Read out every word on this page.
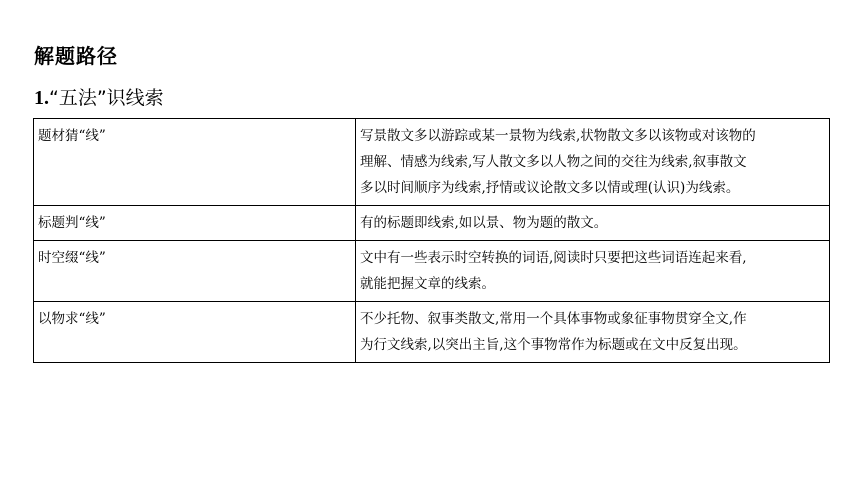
解题路径
1.“五法”识线索
题材猜“线”	写景散文多以游踪或某一景物为线索,状物散文多以该物或对该物的理解、情感为线索,写人散文多以人物之间的交往为线索,叙事散文多以时间顺序为线索,抒情或议论散文多以情或理(认识)为线索。
标题判“线”	有的标题即线索,如以景、物为题的散文。
时空缀“线”	文中有一些表示时空转换的词语,阅读时只要把这些词语连起来看,就能把握文章的线索。
以物求“线”	不少托物、叙事类散文,常用一个具体事物或象征事物贯穿全文,作为行文线索,以突出主旨,这个事物常作为标题或在文中反复出现。
